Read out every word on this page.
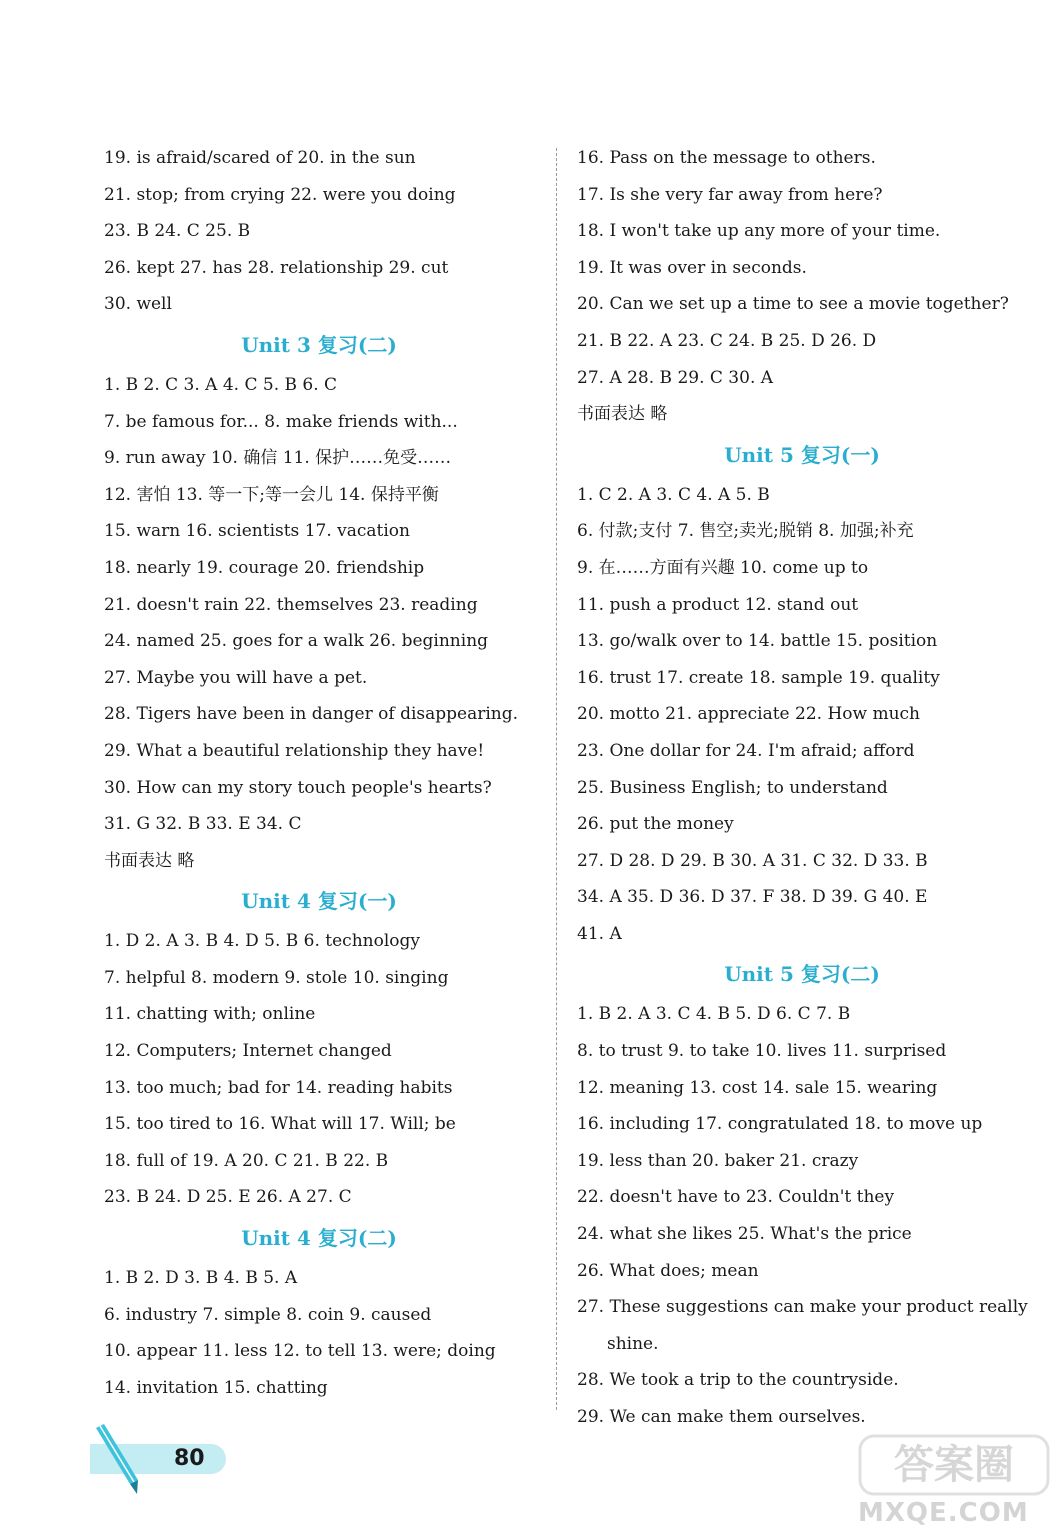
19. is afraid/scared of 20. in the sun
21. stop; from crying 22. were you doing
23. B 24. C 25. B
26. kept 27. has 28. relationship 29. cut
30. well
Unit 3 复习(二)
1. B 2. C 3. A 4. C 5. B 6. C
7. be famous for... 8. make friends with...
9. run away 10. 确信 11. 保护……免受……
12. 害怕 13. 等一下;等一会儿 14. 保持平衡
15. warn 16. scientists 17. vacation
18. nearly 19. courage 20. friendship
21. doesn't rain 22. themselves 23. reading
24. named 25. goes for a walk 26. beginning
27. Maybe you will have a pet.
28. Tigers have been in danger of disappearing.
29. What a beautiful relationship they have!
30. How can my story touch people's hearts?
31. G 32. B 33. E 34. C
书面表达 略
Unit 4 复习(一)
1. D 2. A 3. B 4. D 5. B 6. technology
7. helpful 8. modern 9. stole 10. singing
11. chatting with; online
12. Computers; Internet changed
13. too much; bad for 14. reading habits
15. too tired to 16. What will 17. Will; be
18. full of 19. A 20. C 21. B 22. B
23. B 24. D 25. E 26. A 27. C
Unit 4 复习(二)
1. B 2. D 3. B 4. B 5. A
6. industry 7. simple 8. coin 9. caused
10. appear 11. less 12. to tell 13. were; doing
14. invitation 15. chatting
16. Pass on the message to others.
17. Is she very far away from here?
18. I won't take up any more of your time.
19. It was over in seconds.
20. Can we set up a time to see a movie together?
21. B 22. A 23. C 24. B 25. D 26. D
27. A 28. B 29. C 30. A
书面表达 略
Unit 5 复习(一)
1. C 2. A 3. C 4. A 5. B
6. 付款;支付 7. 售空;卖光;脱销 8. 加强;补充
9. 在……方面有兴趣 10. come up to
11. push a product 12. stand out
13. go/walk over to 14. battle 15. position
16. trust 17. create 18. sample 19. quality
20. motto 21. appreciate 22. How much
23. One dollar for 24. I'm afraid; afford
25. Business English; to understand
26. put the money
27. D 28. D 29. B 30. A 31. C 32. D 33. B
34. A 35. D 36. D 37. F 38. D 39. G 40. E
41. A
Unit 5 复习(二)
1. B 2. A 3. C 4. B 5. D 6. C 7. B
8. to trust 9. to take 10. lives 11. surprised
12. meaning 13. cost 14. sale 15. wearing
16. including 17. congratulated 18. to move up
19. less than 20. baker 21. crazy
22. doesn't have to 23. Couldn't they
24. what she likes 25. What's the price
26. What does; mean
27. These suggestions can make your product really
shine.
28. We took a trip to the countryside.
29. We can make them ourselves.
80	答案圈
MXQE.COM
